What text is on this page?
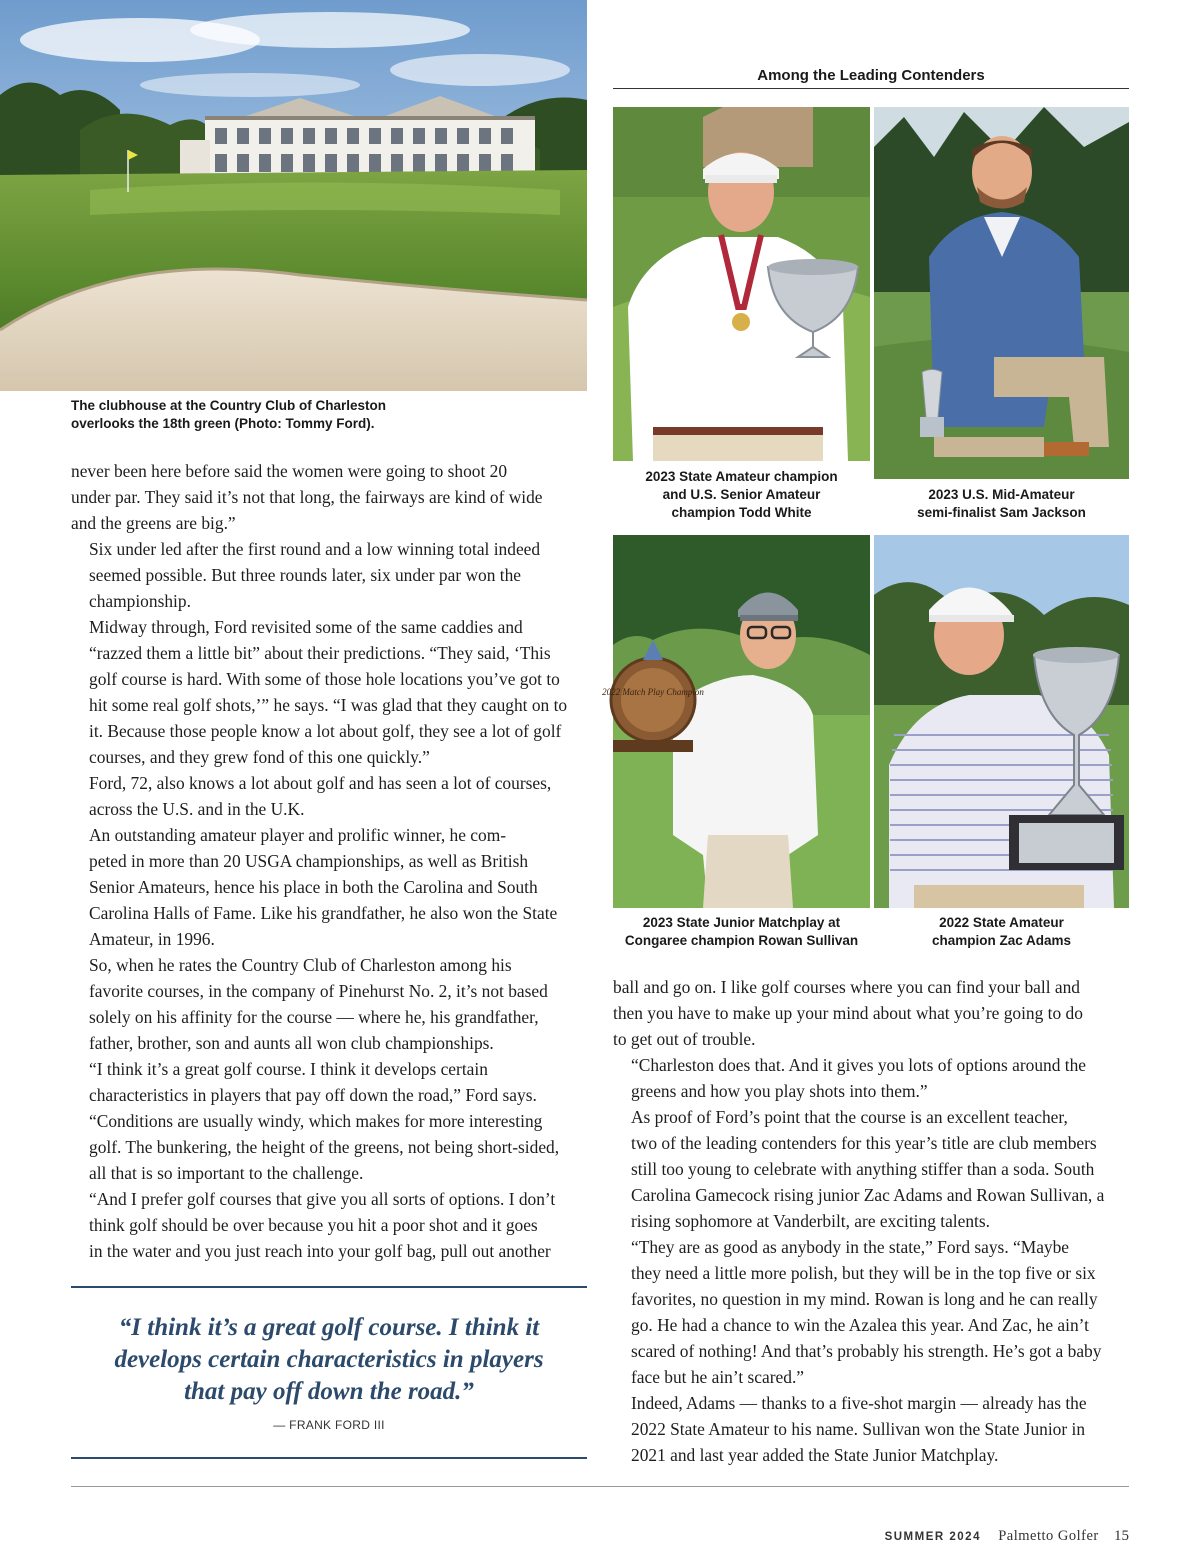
The clubhouse at the Country Club of Charleston
overlooks the 18th green (Photo: Tommy Ford).
Among the Leading Contenders
2023 State Amateur champion
and U.S. Senior Amateur
champion Todd White
2023 U.S. Mid-Amateur
semi-finalist Sam Jackson
2022 Match Play Champion
2023 State Junior Matchplay at
Congaree champion Rowan Sullivan
2022 State Amateur
champion Zac Adams

never been here before said the women were going to shoot 20
under par. They said it’s not that long, the fairways are kind of wide
and the greens are big.”

Six under led after the first round and a low winning total indeed
seemed possible. But three rounds later, six under par won the
championship.

Midway through, Ford revisited some of the same caddies and
“razzed them a little bit” about their predictions. “They said, ‘This
golf course is hard. With some of those hole locations you’ve got to
hit some real golf shots,’” he says. “I was glad that they caught on to
it. Because those people know a lot about golf, they see a lot of golf
courses, and they grew fond of this one quickly.”

Ford, 72, also knows a lot about golf and has seen a lot of courses,
across the U.S. and in the U.K.

An outstanding amateur player and prolific winner, he com-
peted in more than 20 USGA championships, as well as British
Senior Amateurs, hence his place in both the Carolina and South
Carolina Halls of Fame. Like his grandfather, he also won the State
Amateur, in 1996.

So, when he rates the Country Club of Charleston among his
favorite courses, in the company of Pinehurst No. 2, it’s not based
solely on his affinity for the course — where he, his grandfather,
father, brother, son and aunts all won club championships.

“I think it’s a great golf course. I think it develops certain
characteristics in players that pay off down the road,” Ford says.
“Conditions are usually windy, which makes for more interesting
golf. The bunkering, the height of the greens, not being short-sided,
all that is so important to the challenge.

“And I prefer golf courses that give you all sorts of options. I don’t
think golf should be over because you hit a poor shot and it goes
in the water and you just reach into your golf bag, pull out another

ball and go on. I like golf courses where you can find your ball and
then you have to make up your mind about what you’re going to do
to get out of trouble.

“Charleston does that. And it gives you lots of options around the
greens and how you play shots into them.”

As proof of Ford’s point that the course is an excellent teacher,
two of the leading contenders for this year’s title are club members
still too young to celebrate with anything stiffer than a soda. South
Carolina Gamecock rising junior Zac Adams and Rowan Sullivan, a
rising sophomore at Vanderbilt, are exciting talents.

“They are as good as anybody in the state,” Ford says. “Maybe
they need a little more polish, but they will be in the top five or six
favorites, no question in my mind. Rowan is long and he can really
go. He had a chance to win the Azalea this year. And Zac, he ain’t
scared of nothing! And that’s probably his strength. He’s got a baby
face but he ain’t scared.”

Indeed, Adams — thanks to a five-shot margin — already has the
2022 State Amateur to his name. Sullivan won the State Junior in
2021 and last year added the State Junior Matchplay.

“I think it’s a great golf course. I think it
develops certain characteristics in players
that pay off down the road.”
— FRANK FORD III
SUMMER 2024 Palmetto Golfer 15
